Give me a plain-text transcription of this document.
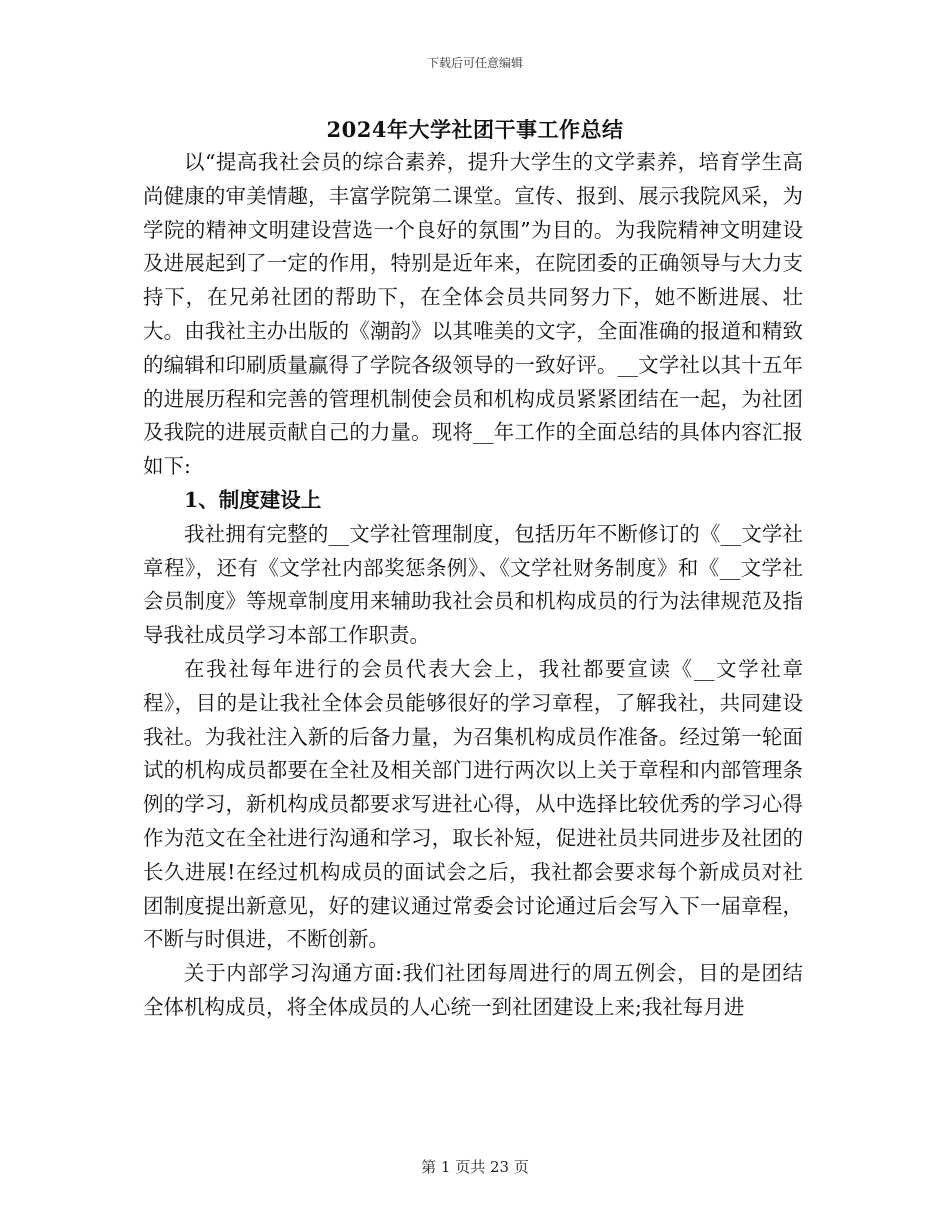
下载后可任意编辑
2024年大学社团干事工作总结

以“提高我社会员的综合素养，提升大学生的文学素养，培育学生高尚健康的审美情趣，丰富学院第二课堂。宣传、报到、展示我院风采，为学院的精神文明建设营选一个良好的氛围”为目的。为我院精神文明建设及进展起到了一定的作用，特别是近年来，在院团委的正确领导与大力支持下，在兄弟社团的帮助下，在全体会员共同努力下，她不断进展、壮大。由我社主办出版的《潮韵》以其唯美的文字，全面准确的报道和精致的编辑和印刷质量赢得了学院各级领导的一致好评。__文学社以其十五年的进展历程和完善的管理机制使会员和机构成员紧紧团结在一起，为社团及我院的进展贡献自己的力量。现将__年工作的全面总结的具体内容汇报如下:

1、制度建设上

我社拥有完整的__文学社管理制度，包括历年不断修订的《__文学社章程》，还有《文学社内部奖惩条例》、《文学社财务制度》和《__文学社会员制度》等规章制度用来辅助我社会员和机构成员的行为法律规范及指导我社成员学习本部工作职责。

在我社每年进行的会员代表大会上，我社都要宣读《__文学社章程》，目的是让我社全体会员能够很好的学习章程，了解我社，共同建设我社。为我社注入新的后备力量，为召集机构成员作准备。经过第一轮面试的机构成员都要在全社及相关部门进行两次以上关于章程和内部管理条例的学习，新机构成员都要求写进社心得，从中选择比较优秀的学习心得作为范文在全社进行沟通和学习，取长补短，促进社员共同进步及社团的长久进展!在经过机构成员的面试会之后，我社都会要求每个新成员对社团制度提出新意见，好的建议通过常委会讨论通过后会写入下一届章程，不断与时俱进，不断创新。

关于内部学习沟通方面:我们社团每周进行的周五例会，目的是团结全体机构成员，将全体成员的人心统一到社团建设上来;我社每月进

第 1 页共 23 页
